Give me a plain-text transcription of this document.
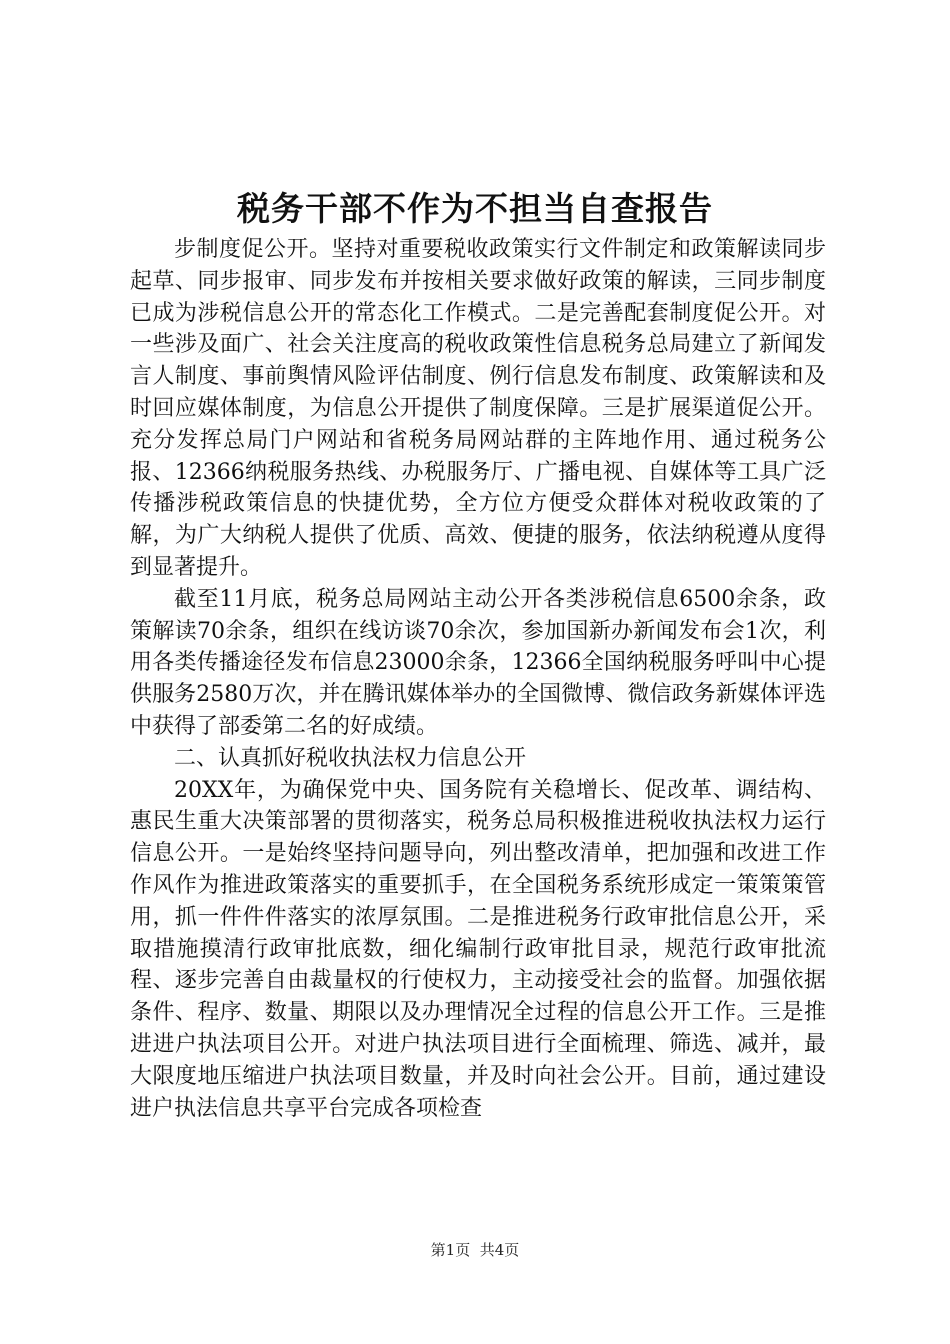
税务干部不作为不担当自查报告

步制度促公开。坚持对重要税收政策实行文件制定和政策解读同步起草、同步报审、同步发布并按相关要求做好政策的解读，三同步制度已成为涉税信息公开的常态化工作模式。二是完善配套制度促公开。对一些涉及面广、社会关注度高的税收政策性信息税务总局建立了新闻发言人制度、事前舆情风险评估制度、例行信息发布制度、政策解读和及时回应媒体制度，为信息公开提供了制度保障。三是扩展渠道促公开。充分发挥总局门户网站和省税务局网站群的主阵地作用、通过税务公报、12366纳税服务热线、办税服务厅、广播电视、自媒体等工具广泛传播涉税政策信息的快捷优势，全方位方便受众群体对税收政策的了解，为广大纳税人提供了优质、高效、便捷的服务，依法纳税遵从度得到显著提升。

截至11月底，税务总局网站主动公开各类涉税信息6500余条，政策解读70余条，组织在线访谈70余次，参加国新办新闻发布会1次，利用各类传播途径发布信息23000余条，12366全国纳税服务呼叫中心提供服务2580万次，并在腾讯媒体举办的全国微博、微信政务新媒体评选中获得了部委第二名的好成绩。

二、认真抓好税收执法权力信息公开

20XX年，为确保党中央、国务院有关稳增长、促改革、调结构、惠民生重大决策部署的贯彻落实，税务总局积极推进税收执法权力运行信息公开。一是始终坚持问题导向，列出整改清单，把加强和改进工作作风作为推进政策落实的重要抓手，在全国税务系统形成定一策策策管用，抓一件件件落实的浓厚氛围。二是推进税务行政审批信息公开，采取措施摸清行政审批底数，细化编制行政审批目录，规范行政审批流程、逐步完善自由裁量权的行使权力，主动接受社会的监督。加强依据条件、程序、数量、期限以及办理情况全过程的信息公开工作。三是推进进户执法项目公开。对进户执法项目进行全面梳理、筛选、减并，最大限度地压缩进户执法项目数量，并及时向社会公开。目前，通过建设进户执法信息共享平台完成各项检查

第1页 共4页
